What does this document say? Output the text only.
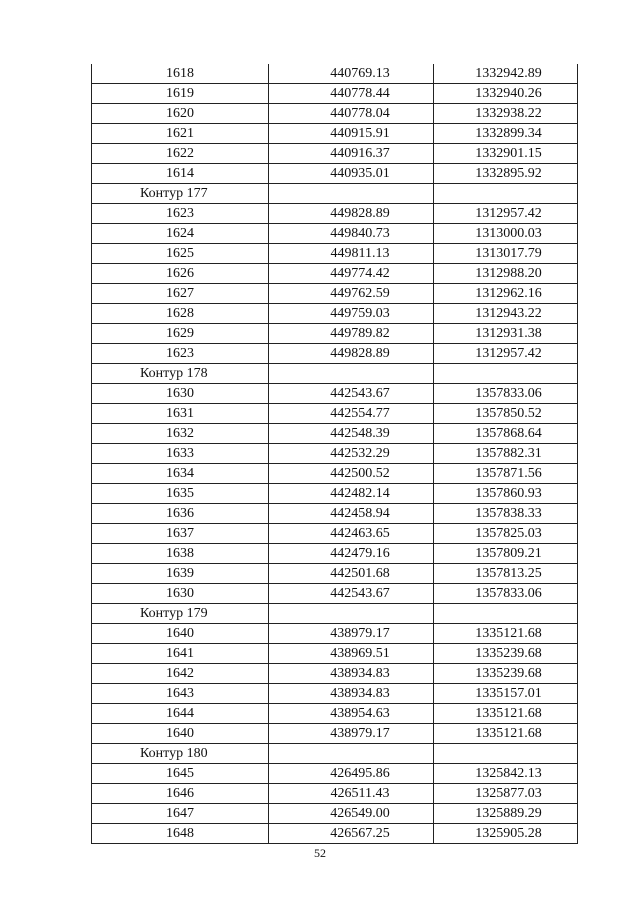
1618	440769.13	1332942.89
1619	440778.44	1332940.26
1620	440778.04	1332938.22
1621	440915.91	1332899.34
1622	440916.37	1332901.15
1614	440935.01	1332895.92
Контур 177		
1623	449828.89	1312957.42
1624	449840.73	1313000.03
1625	449811.13	1313017.79
1626	449774.42	1312988.20
1627	449762.59	1312962.16
1628	449759.03	1312943.22
1629	449789.82	1312931.38
1623	449828.89	1312957.42
Контур 178		
1630	442543.67	1357833.06
1631	442554.77	1357850.52
1632	442548.39	1357868.64
1633	442532.29	1357882.31
1634	442500.52	1357871.56
1635	442482.14	1357860.93
1636	442458.94	1357838.33
1637	442463.65	1357825.03
1638	442479.16	1357809.21
1639	442501.68	1357813.25
1630	442543.67	1357833.06
Контур 179		
1640	438979.17	1335121.68
1641	438969.51	1335239.68
1642	438934.83	1335239.68
1643	438934.83	1335157.01
1644	438954.63	1335121.68
1640	438979.17	1335121.68
Контур 180		
1645	426495.86	1325842.13
1646	426511.43	1325877.03
1647	426549.00	1325889.29
1648	426567.25	1325905.28
52
